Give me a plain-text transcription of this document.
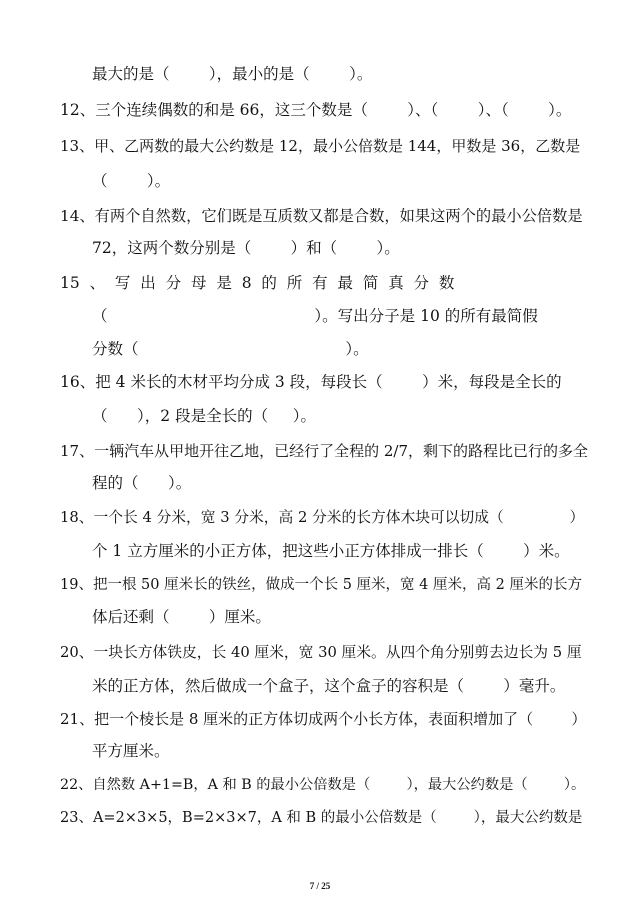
最大的是（        ），最小的是（        ）。
12、三个连续偶数的和是 66，这三个数是（        ）、（        ）、（        ）。
13、甲、乙两数的最大公约数是 12，最小公倍数是 144，甲数是 36，乙数是
（        ）。
14、有两个自然数，它们既是互质数又都是合数，如果这两个的最小公倍数是
72，这两个数分别是（        ）和（        ）。
15  、  写  出  分  母  是  8  的  所  有  最  简  真  分  数
（                                          ）。写出分子是 10 的所有最简假
分数（                                          ）。
16、把 4 米长的木材平均分成 3 段，每段长（        ）米，每段是全长的
（      ），2 段是全长的（     ）。
17、一辆汽车从甲地开往乙地，已经行了全程的 2/7，剩下的路程比已行的多全
程的（      ）。
18、一个长 4 分米，宽 3 分米，高 2 分米的长方体木块可以切成（              ）
个 1 立方厘米的小正方体，把这些小正方体排成一排长（        ）米。
19、把一根 50 厘米长的铁丝，做成一个长 5 厘米，宽 4 厘米，高 2 厘米的长方
体后还剩（        ）厘米。
20、一块长方体铁皮，长 40 厘米，宽 30 厘米。从四个角分别剪去边长为 5 厘
米的正方体，然后做成一个盒子，这个盒子的容积是（        ）毫升。
21、把一个棱长是 8 厘米的正方体切成两个小长方体，表面积增加了（        ）
平方厘米。
22、自然数 A+1=B，A 和 B 的最小公倍数是（        ），最大公约数是（        ）。
23、A=2×3×5，B=2×3×7，A 和 B 的最小公倍数是（        ），最大公约数是
7 / 25
